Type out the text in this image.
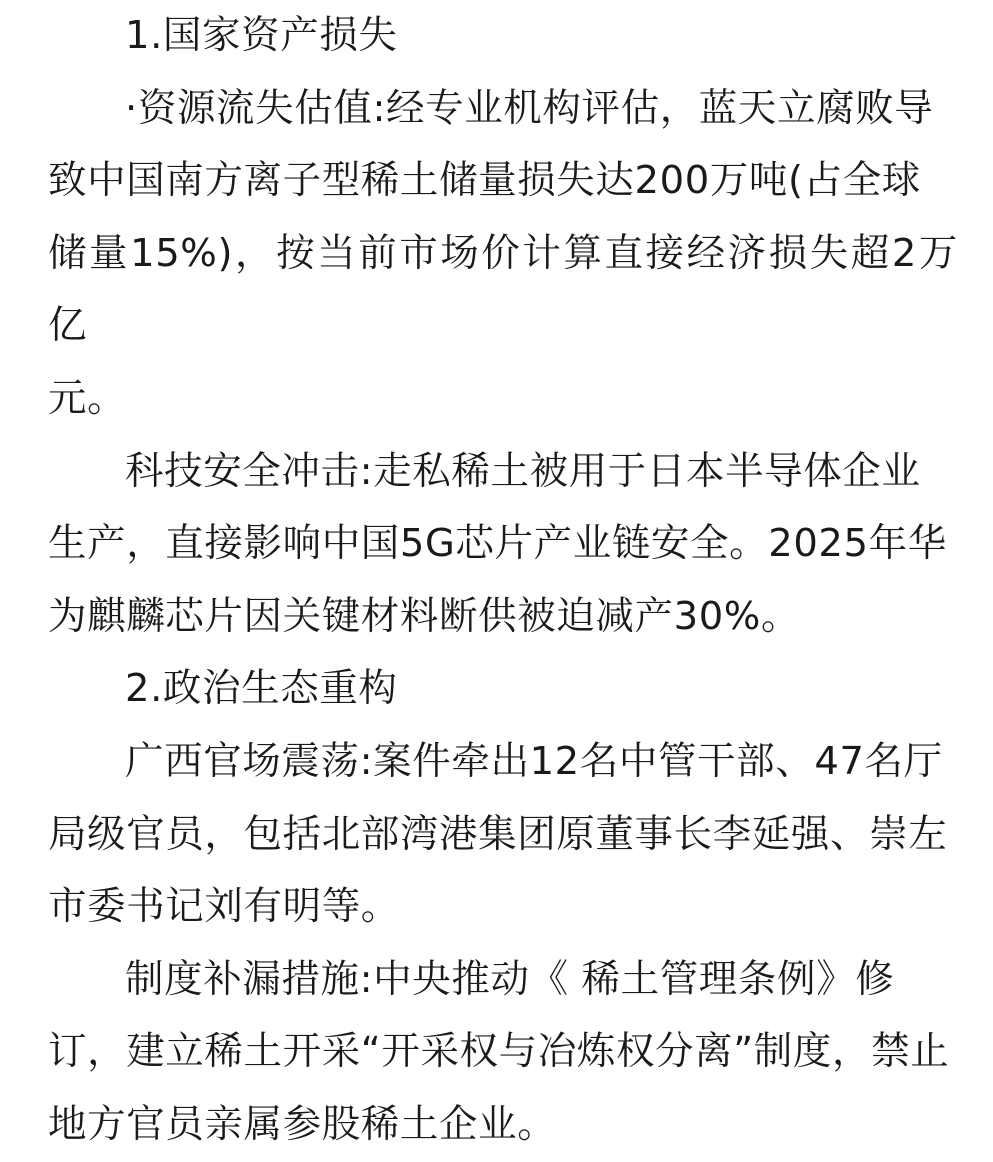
1.国家资产损失

·资源流失估值:经专业机构评估，蓝天立腐败导
致中国南方离子型稀土储量损失达200万吨(占全球
储量15%)，按当前市场价计算直接经济损失超2万亿
元。

科技安全冲击:走私稀土被用于日本半导体企业
生产，直接影响中国5G芯片产业链安全。2025年华
为麒麟芯片因关键材料断供被迫减产30%。

2.政治生态重构

广西官场震荡:案件牵出12名中管干部、47名厅
局级官员，包括北部湾港集团原董事长李延强、崇左
市委书记刘有明等。

制度补漏措施:中央推动《 稀土管理条例》修
订，建立稀土开采“开采权与冶炼权分离”制度，禁止
地方官员亲属参股稀土企业。
